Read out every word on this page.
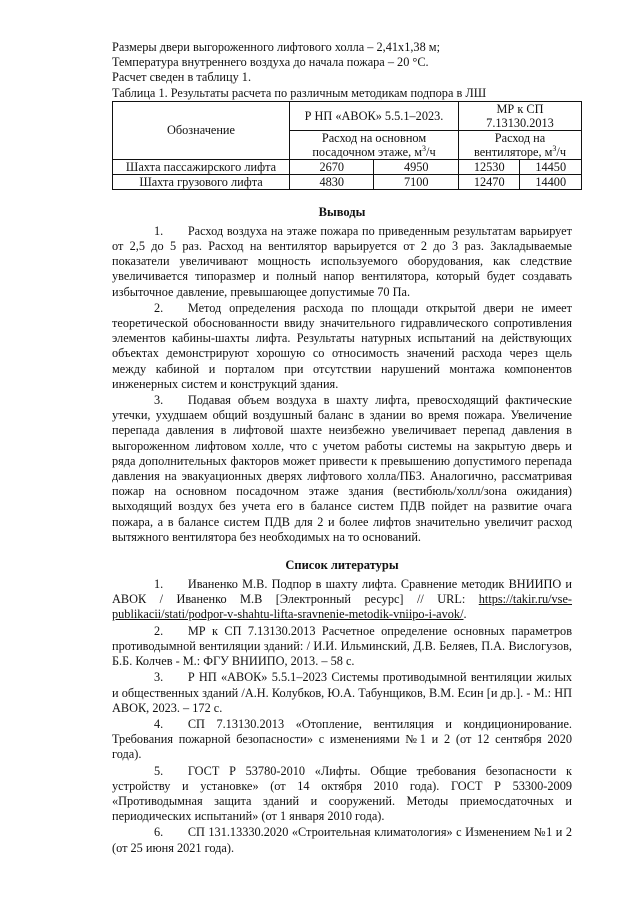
Размеры двери выгороженного лифтового холла – 2,41х1,38 м;
Температура внутреннего воздуха до начала пожара – 20 °С.
Расчет сведен в таблицу 1.
Таблица 1. Результаты расчета по различным методикам подпора в ЛШ
Обозначение	Р НП «АВОК» 5.5.1–2023.		МР к СП 7.13130.2013	
	Расход на основном посадочном этаже, $м^3/ч$		Расход на вентиляторе, $м^3/ч$	
Шахта пассажирского лифта	2670	4950	12530	14450
Шахта грузового лифта	4830	7100	12470	14400
Выводы

1.  Расход воздуха на этаже пожара по приведенным результатам варьирует от 2,5 до 5 раз. Расход на вентилятор варьируется от 2 до 3 раз. Закладываемые показатели увеличивают мощность используемого оборудования, как следствие увеличивается типоразмер и полный напор вентилятора, который будет создавать избыточное давление, превышающее допустимые 70 Па.

2.  Метод определения расхода по площади открытой двери не имеет теоретической обоснованности ввиду значительного гидравлического сопротивления элементов кабины-шахты лифта. Результаты натурных испытаний на действующих объектах демонстрируют хорошую со относимость значений расхода через щель между кабиной и порталом при отсутствии нарушений монтажа компонентов инженерных систем и конструкций здания.

3.  Подавая объем воздуха в шахту лифта, превосходящий фактические утечки, ухудшаем общий воздушный баланс в здании во время пожара. Увеличение перепада давления в лифтовой шахте неизбежно увеличивает перепад давления в выгороженном лифтовом холле, что с учетом работы системы на закрытую дверь и ряда дополнительных факторов может привести к превышению допустимого перепада давления на эвакуационных дверях лифтового холла/ПБЗ. Аналогично, рассматривая пожар на основном посадочном этаже здания (вестибюль/холл/зона ожидания) выходящий воздух без учета его в балансе систем ПДВ пойдет на развитие очага пожара, а в балансе систем ПДВ для 2 и более лифтов значительно увеличит расход вытяжного вентилятора без необходимых на то оснований.

Список литературы

1.  Иваненко М.В. Подпор в шахту лифта. Сравнение методик ВНИИПО и АВОК / Иваненко М.В [Электронный ресурс] // URL: https://takir.ru/vse-publikacii/stati/podpor-v-shahtu-lifta-sravnenie-metodik-vniipo-i-avok/.

2.  МР к СП 7.13130.2013 Расчетное определение основных параметров противодымной вентиляции зданий: / И.И. Ильминский, Д.В. Беляев, П.А. Вислогузов, Б.Б. Колчев - М.: ФГУ ВНИИПО, 2013. – 58 с.

3.  Р НП «АВОК» 5.5.1–2023 Системы противодымной вентиляции жилых и общественных зданий /А.Н. Колубков, Ю.А. Табунщиков, В.М. Есин [и др.]. - М.: НП АВОК, 2023. – 172 с.

4.  СП 7.13130.2013 «Отопление, вентиляция и кондиционирование. Требования пожарной безопасности» с изменениями №1 и 2 (от 12 сентября 2020 года).

5.  ГОСТ Р 53780-2010 «Лифты. Общие требования безопасности к устройству и установке» (от 14 октября 2010 года). ГОСТ Р 53300-2009 «Противодымная защита зданий и сооружений. Методы приемосдаточных и периодических испытаний» (от 1 января 2010 года).

6.  СП 131.13330.2020 «Строительная климатология» с Изменением №1 и 2 (от 25 июня 2021 года).
